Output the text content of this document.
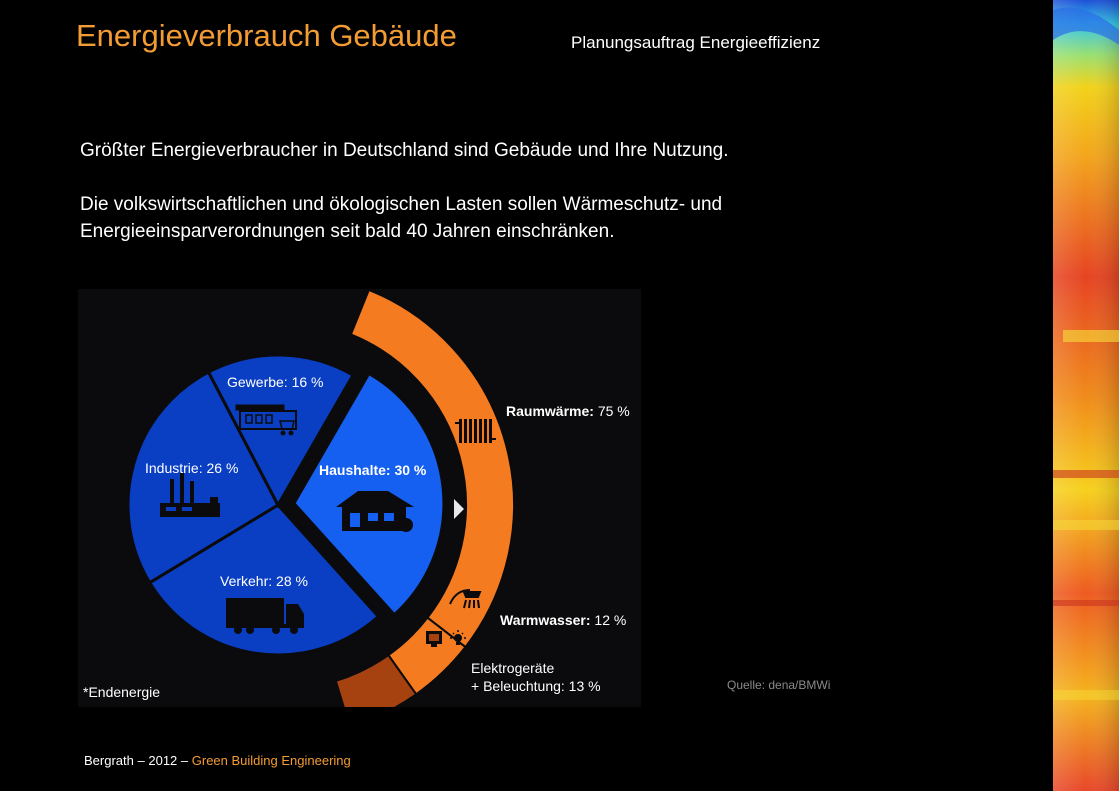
Energieverbrauch Gebäude	Planungsauftrag Energieeffizienz

Größter Energieverbraucher in Deutschland sind Gebäude und Ihre Nutzung.

Die volkswirtschaftlichen und ökologischen Lasten sollen Wärmeschutz- und Energieeinsparverordnungen seit bald 40 Jahren einschränken.

Gewerbe: 16 %
Industrie: 26 %
Verkehr: 28 %
Haushalte: 30 %
Raumwärme: 75 %
Warmwasser: 12 %
Elektrogeräte
+ Beleuchtung: 13 %
*Endenergie	Quelle: dena/BMWi
Bergrath – 2012 – Green Building Engineering
